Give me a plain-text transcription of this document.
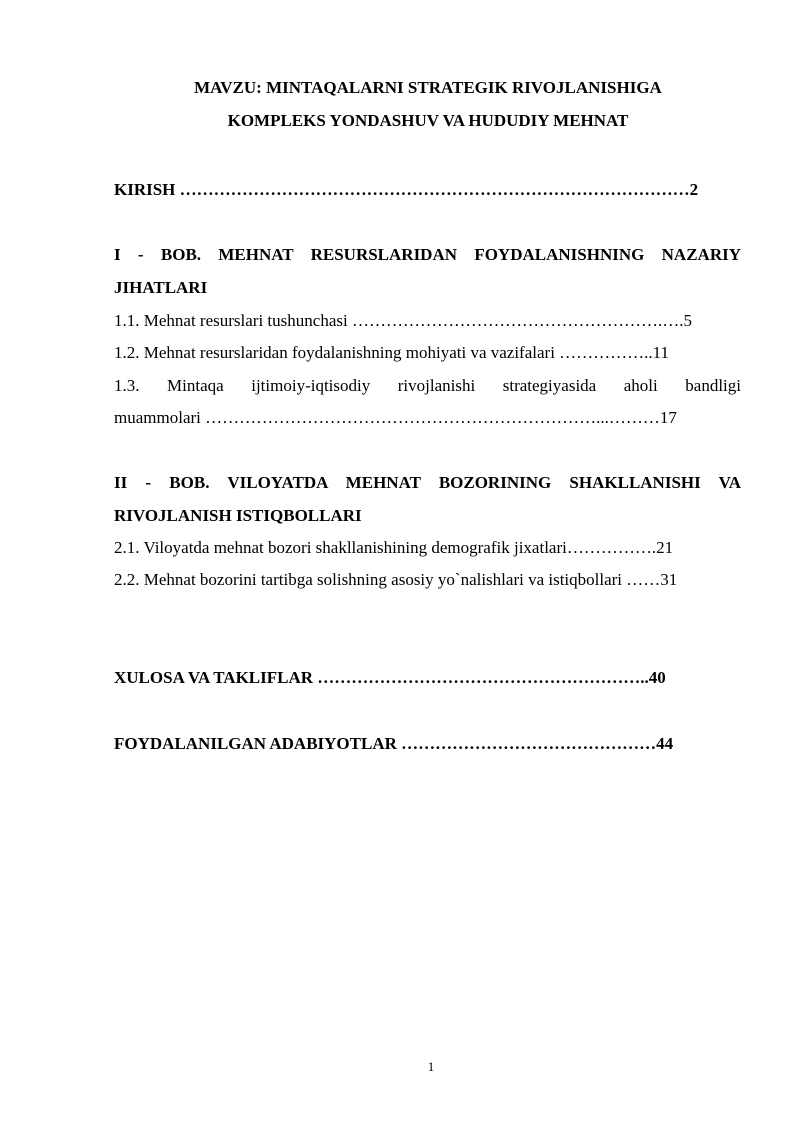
MAVZU: MINTAQALARNI STRATEGIK RIVOJLANISHIGA
KOMPLEKS YONDASHUV VA HUDUDIY MEHNAT
KIRISH ………………………………………………………………………………2
I - BOB. MEHNAT RESURSLARIDAN FOYDALANISHNING NAZARIY
JIHATLARI
1.1. Mehnat resurslari tushunchasi ……………………………………………….….5
1.2. Mehnat resurslaridan foydalanishning mohiyati va vazifalari ……………..11
1.3. Mintaqa ijtimoiy-iqtisodiy rivojlanishi strategiyasida aholi bandligi
muammolari ……………………………………………………………...………17
II - BOB. VILOYATDA MEHNAT BOZORINING SHAKLLANISHI VA
RIVOJLANISH ISTIQBOLLARI
2.1. Viloyatda mehnat bozori shakllanishining demografik jixatlari…………….21
2.2. Mehnat bozorini tartibga solishning asosiy yo`nalishlari va istiqbollari ……31
XULOSA VA TAKLIFLAR …………………………………………………..40
FOYDALANILGAN ADABIYOTLAR ………………………………………44
1
